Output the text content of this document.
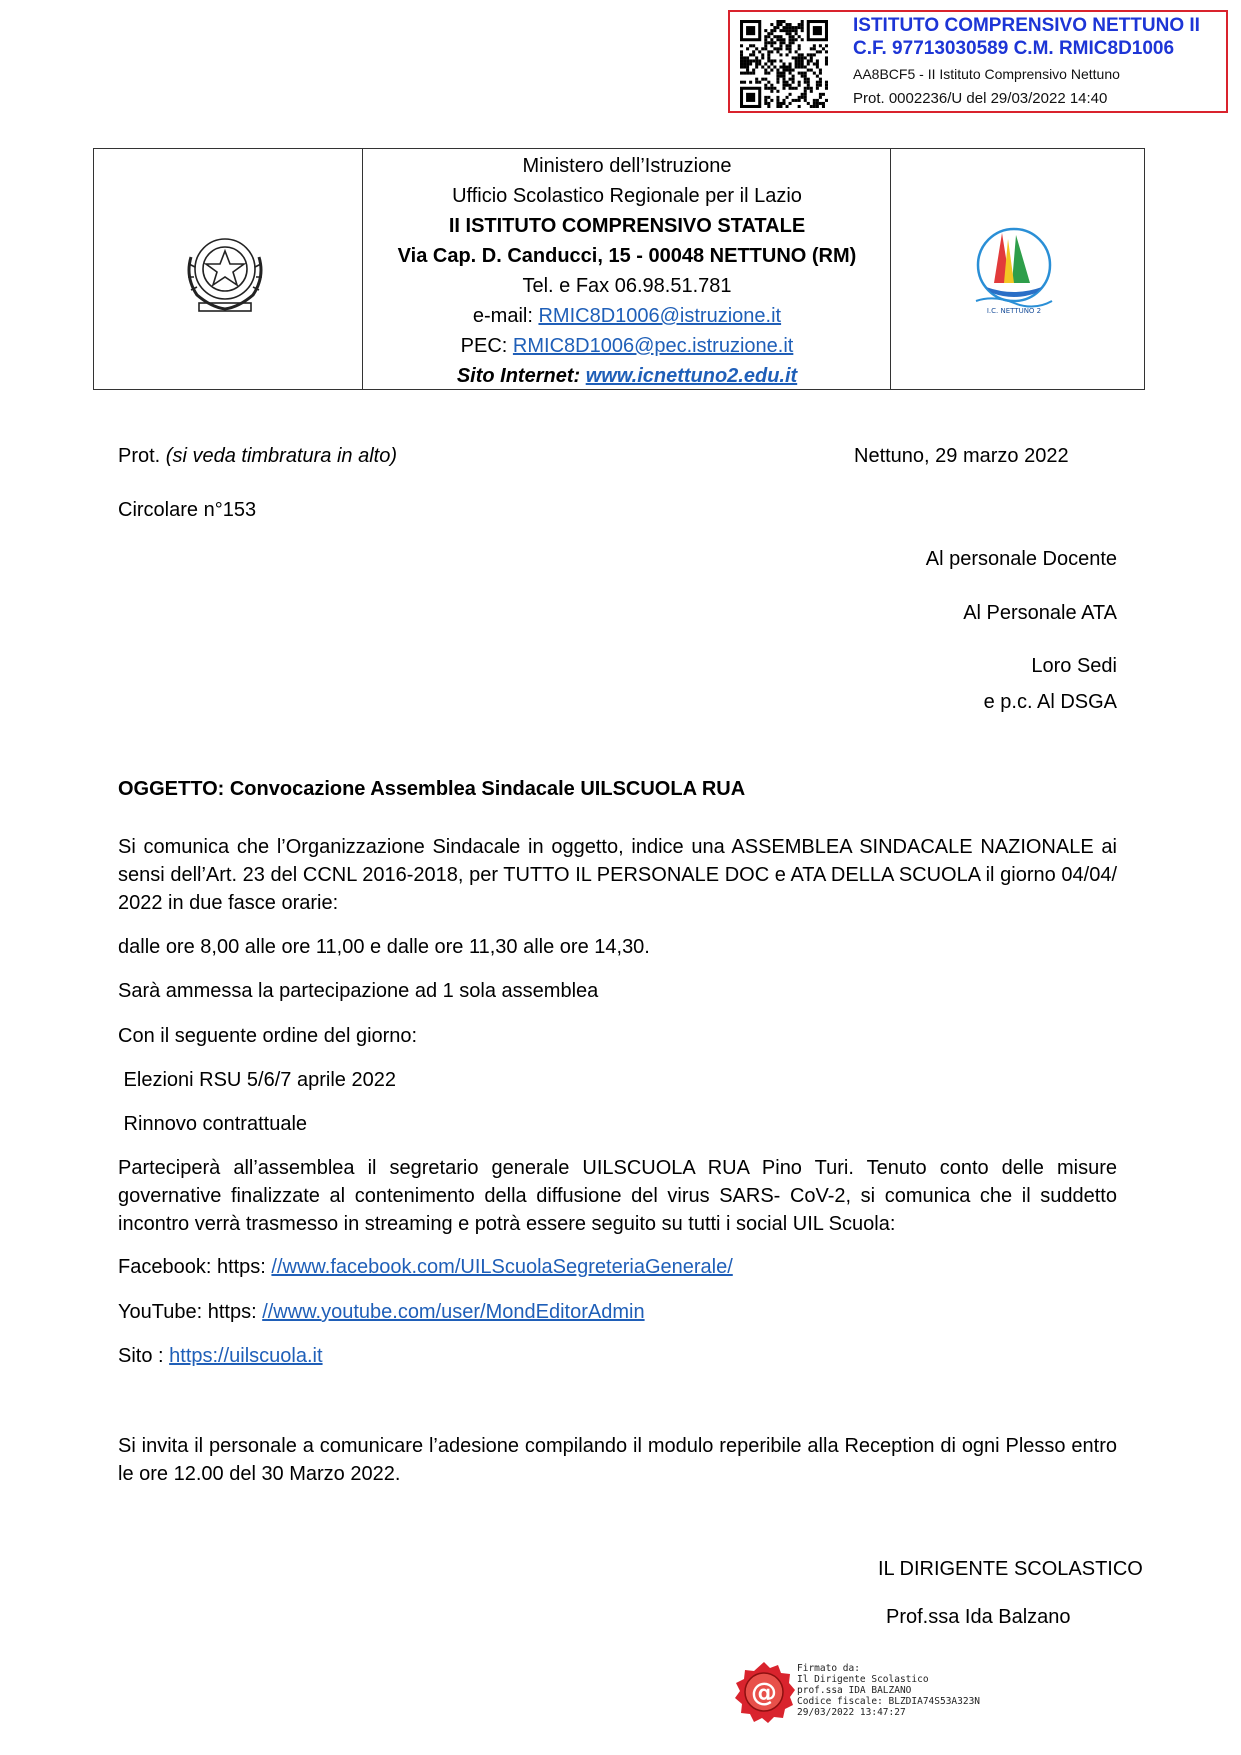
ISTITUTO COMPRENSIVO NETTUNO II
C.F. 97713030589 C.M. RMIC8D1006
AA8BCF5 - II Istituto Comprensivo Nettuno
Prot. 0002236/U del 29/03/2022 14:40
Ministero dell’Istruzione
Ufficio Scolastico Regionale per il Lazio
II ISTITUTO COMPRENSIVO STATALE
Via Cap. D. Canducci, 15 - 00048 NETTUNO (RM)
Tel. e Fax 06.98.51.781
e-mail: RMIC8D1006@istruzione.it
PEC: RMIC8D1006@pec.istruzione.it
Sito Internet: www.icnettuno2.edu.it
I.C. NETTUNO 2
Prot. (si veda timbratura in alto)	Nettuno, 29 marzo 2022
Circolare n°153
Al personale Docente
Al Personale ATA
Loro Sedi
e p.c. Al DSGA
OGGETTO: Convocazione Assemblea Sindacale UILSCUOLA RUA

Si comunica che l’Organizzazione Sindacale in oggetto, indice una ASSEMBLEA SINDACALE NAZIONALE ai sensi dell’Art. 23 del CCNL 2016-2018, per TUTTO IL PERSONALE DOC e ATA DELLA SCUOLA il giorno 04/04/ 2022 in due fasce orarie:

dalle ore 8,00 alle ore 11,00 e dalle ore 11,30 alle ore 14,30.
Sarà ammessa la partecipazione ad 1 sola assemblea
Con il seguente ordine del giorno:
Elezioni RSU 5/6/7 aprile 2022
Rinnovo contrattuale

Parteciperà all’assemblea il segretario generale UILSCUOLA RUA Pino Turi. Tenuto conto delle misure governative finalizzate al contenimento della diffusione del virus SARS- CoV-2, si comunica che il suddetto incontro verrà trasmesso in streaming e potrà essere seguito su tutti i social UIL Scuola:

Facebook: https: //www.facebook.com/UILScuolaSegreteriaGenerale/
YouTube: https: //www.youtube.com/user/MondEditorAdmin
Sito : https://uilscuola.it

Si invita il personale a comunicare l’adesione compilando il modulo reperibile alla Reception di ogni Plesso entro le ore 12.00 del 30 Marzo 2022.

IL DIRIGENTE SCOLASTICO
Prof.ssa Ida Balzano
@
Firmato da:
Il Dirigente Scolastico
prof.ssa IDA BALZANO
Codice fiscale: BLZDIA74S53A323N
29/03/2022 13:47:27
